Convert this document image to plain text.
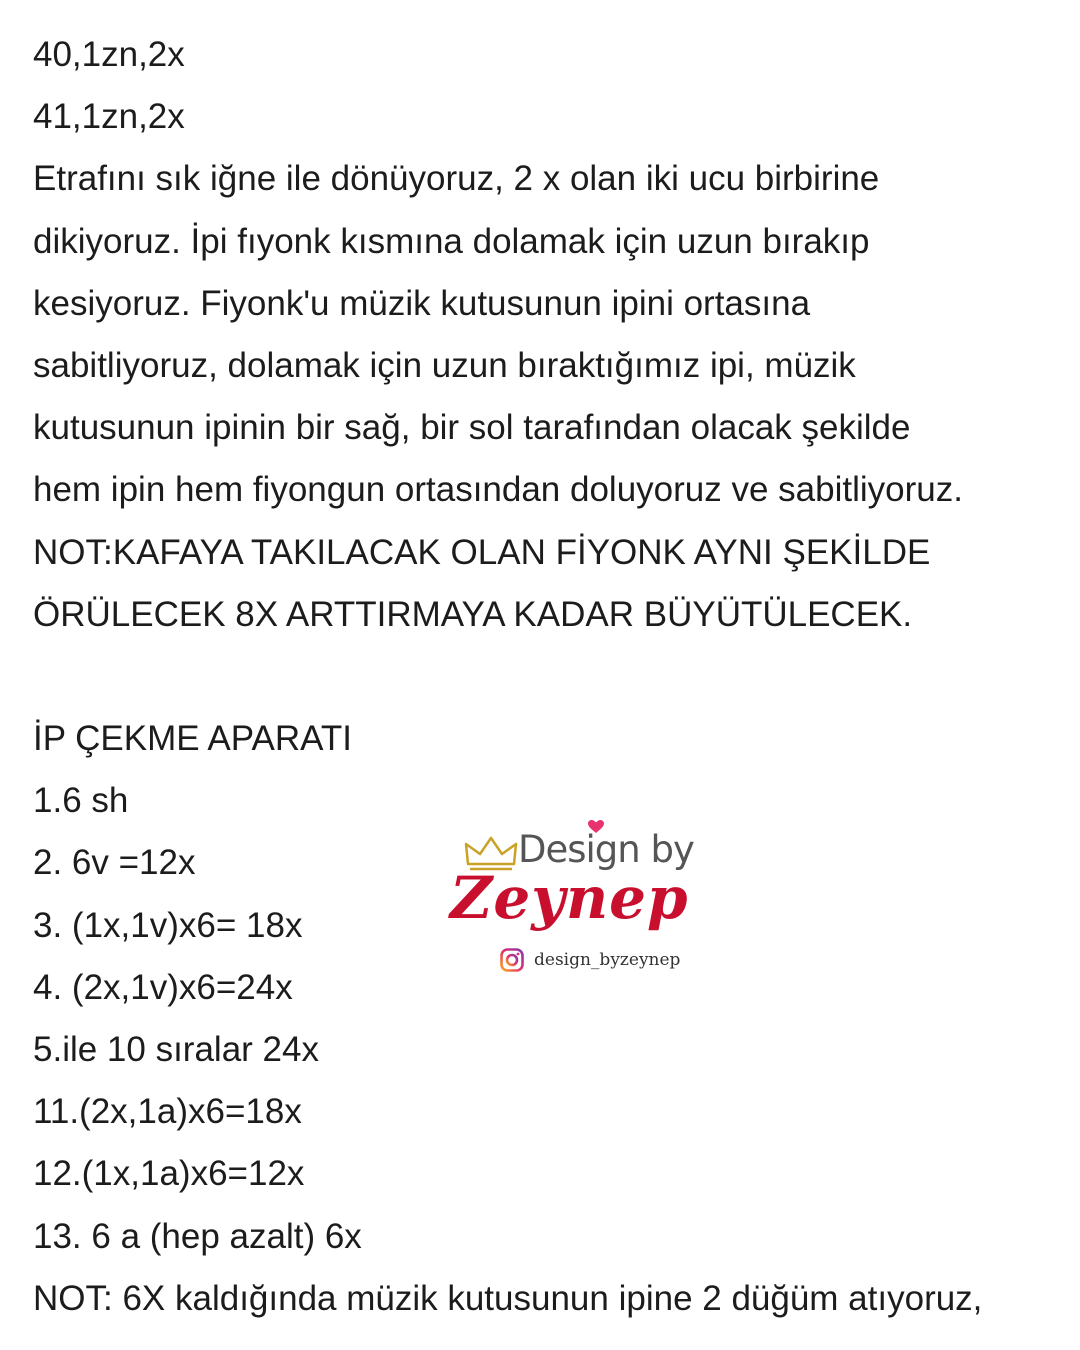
40,1zn,2x
41,1zn,2x
Etrafını sık iğne ile dönüyoruz, 2 x olan iki ucu birbirine
dikiyoruz. İpi fıyonk kısmına dolamak için uzun bırakıp
kesiyoruz. Fiyonk'u müzik kutusunun ipini ortasına
sabitliyoruz, dolamak için uzun bıraktığımız ipi, müzik
kutusunun ipinin bir sağ, bir sol tarafından olacak şekilde
hem ipin hem fiyongun ortasından doluyoruz ve sabitliyoruz.
NOT:KAFAYA TAKILACAK OLAN FİYONK AYNI ŞEKİLDE
ÖRÜLECEK 8X ARTTIRMAYA KADAR BÜYÜTÜLECEK.
İP ÇEKME APARATI
1.6 sh
2. 6v =12x
3. (1x,1v)x6= 18x
4. (2x,1v)x6=24x
5.ile 10 sıralar 24x
11.(2x,1a)x6=18x
12.(1x,1a)x6=12x
13. 6 a (hep azalt) 6x
NOT: 6X kaldığında müzik kutusunun ipine 2 düğüm atıyoruz,
Design by
Zeynep
design_byzeynep
